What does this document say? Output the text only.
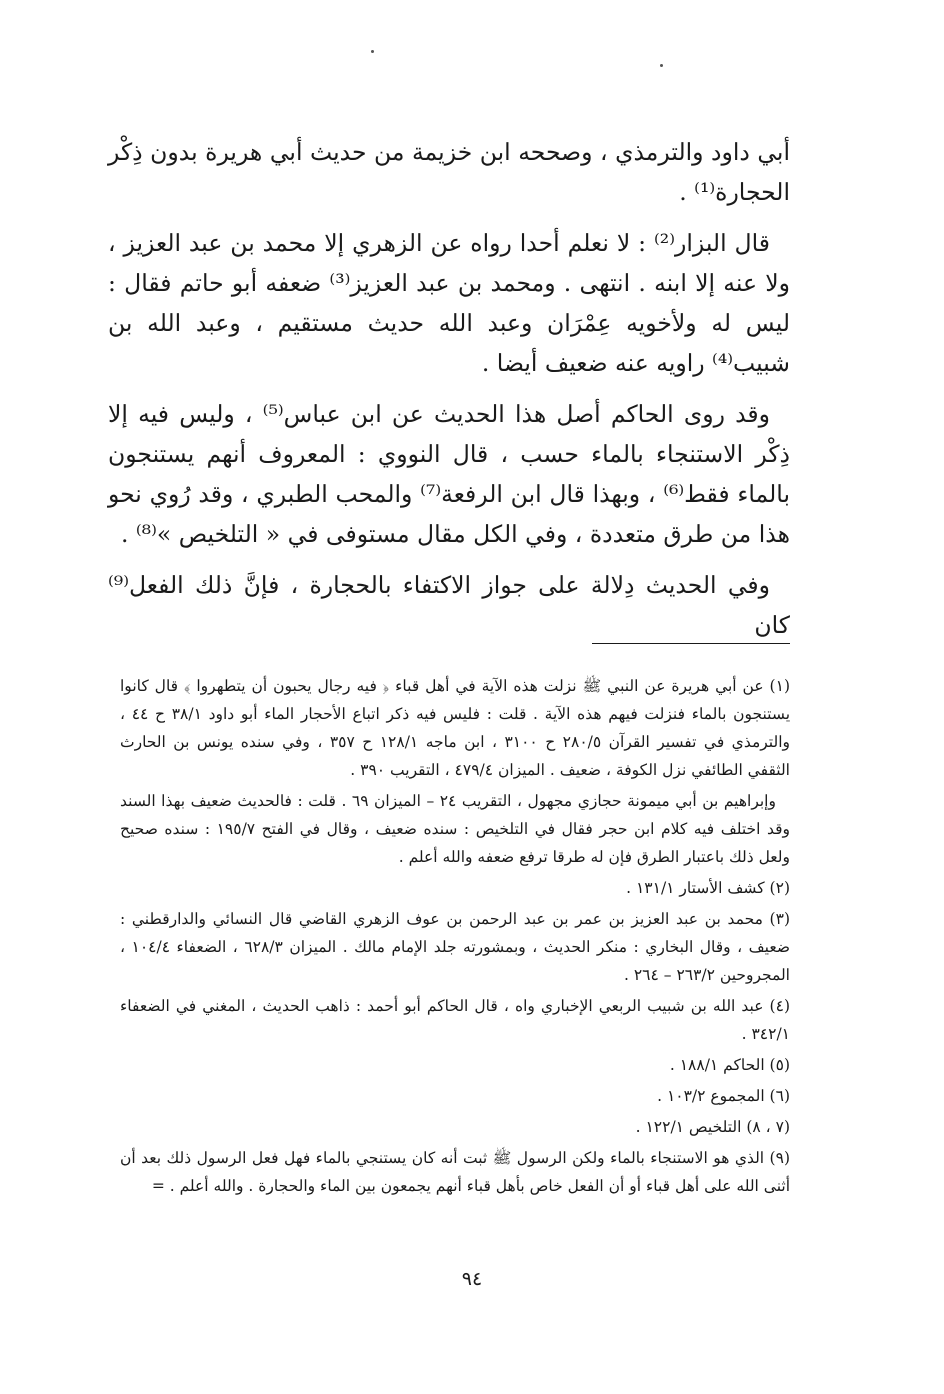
أبي داود والترمذي ، وصححه ابن خزيمة من حديث أبي هريرة بدون ذِكْر الحجارة⁽¹⁾ .

قال البزار⁽²⁾ : لا نعلم أحدا رواه عن الزهري إلا محمد بن عبد العزيز ، ولا عنه إلا ابنه . انتهى . ومحمد بن عبد العزيز⁽³⁾ ضعفه أبو حاتم فقال : ليس له ولأخويه عِمْرَان وعبد الله حديث مستقيم ، وعبد الله بن شبيب⁽⁴⁾ راويه عنه ضعيف أيضا .

وقد روى الحاكم أصل هذا الحديث عن ابن عباس⁽⁵⁾ ، وليس فيه إلا ذِكْر الاستنجاء بالماء حسب ، قال النووي : المعروف أنهم يستنجون بالماء فقط⁽⁶⁾ ، وبهذا قال ابن الرفعة⁽⁷⁾ والمحب الطبري ، وقد رُوي نحو هذا من طرق متعددة ، وفي الكل مقال مستوفى في « التلخيص »⁽⁸⁾ .

وفي الحديث دِلالة على جواز الاكتفاء بالحجارة ، فإنَّ ذلك الفعل⁽⁹⁾ كان

(١) عن أبي هريرة عن النبي ﷺ نزلت هذه الآية في أهل قباء ﴿ فيه رجال يحبون أن يتطهروا ﴾ قال كانوا يستنجون بالماء فنزلت فيهم هذه الآية . قلت : فليس فيه ذكر اتباع الأحجار الماء أبو داود ٣٨/١ ح ٤٤ ، والترمذي في تفسير القرآن ٢٨٠/٥ ح ٣١٠٠ ، ابن ماجه ١٢٨/١ ح ٣٥٧ ، وفي سنده يونس بن الحارث الثقفي الطائفي نزل الكوفة ، ضعيف . الميزان ٤٧٩/٤ ، التقريب ٣٩٠ .

وإبراهيم بن أبي ميمونة حجازي مجهول ، التقريب ٢٤ – الميزان ٦٩ . قلت : فالحديث ضعيف بهذا السند وقد اختلف فيه كلام ابن حجر فقال في التلخيص : سنده ضعيف ، وقال في الفتح ١٩٥/٧ : سنده صحيح ولعل ذلك باعتبار الطرق فإن له طرقا ترفع ضعفه والله أعلم .

(٢) كشف الأستار ١٣١/١ .

(٣) محمد بن عبد العزيز بن عمر بن عبد الرحمن بن عوف الزهري القاضي قال النسائي والدارقطني : ضعيف ، وقال البخاري : منكر الحديث ، وبمشورته جلد الإمام مالك . الميزان ٦٢٨/٣ ، الضعفاء ١٠٤/٤ ، المجروحين ٢٦٣/٢ – ٢٦٤ .

(٤) عبد الله بن شبيب الربعي الإخباري واه ، قال الحاكم أبو أحمد : ذاهب الحديث ، المغني في الضعفاء ٣٤٢/١ .

(٥) الحاكم ١٨٨/١ .

(٦) المجموع ١٠٣/٢ .

(٧ ، ٨) التلخيص ١٢٢/١ .

(٩) الذي هو الاستنجاء بالماء ولكن الرسول ﷺ ثبت أنه كان يستنجي بالماء فهل فعل الرسول ذلك بعد أن أثنى الله على أهل قباء أو أن الفعل خاص بأهل قباء أنهم يجمعون بين الماء والحجارة . والله أعلم . =

٩٤
